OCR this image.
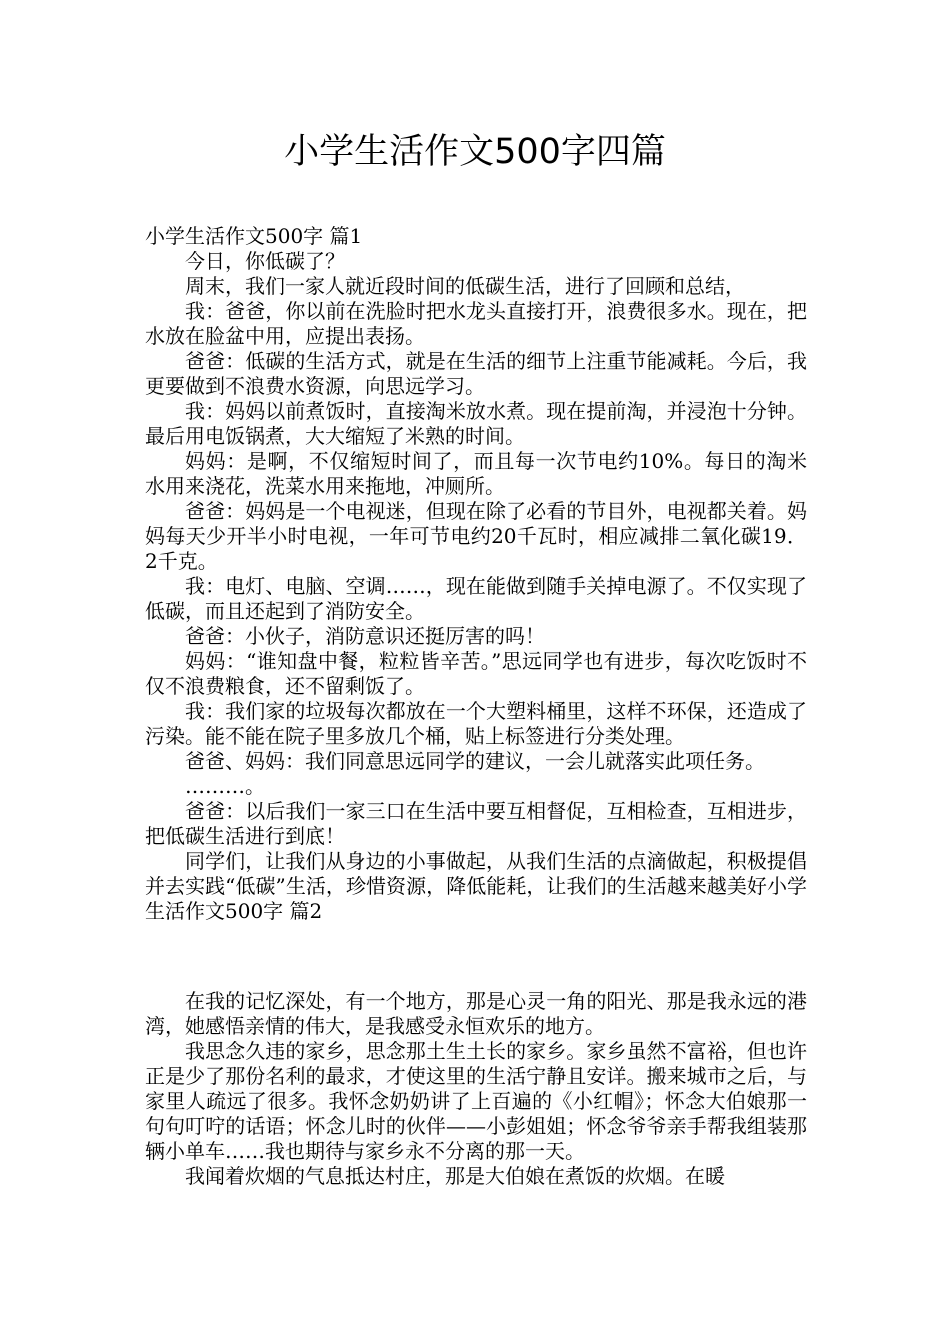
小学生活作文500字四篇

小学生活作文500字 篇1

今日，你低碳了？

周末，我们一家人就近段时间的低碳生活，进行了回顾和总结，

我：爸爸，你以前在洗脸时把水龙头直接打开，浪费很多水。现在，把水放在脸盆中用，应提出表扬。

爸爸：低碳的生活方式，就是在生活的细节上注重节能减耗。今后，我更要做到不浪费水资源，向思远学习。

我：妈妈以前煮饭时，直接淘米放水煮。现在提前淘，并浸泡十分钟。最后用电饭锅煮，大大缩短了米熟的时间。

妈妈：是啊，不仅缩短时间了，而且每一次节电约10%。每日的淘米水用来浇花，洗菜水用来拖地，冲厕所。

爸爸：妈妈是一个电视迷，但现在除了必看的节目外，电视都关着。妈妈每天少开半小时电视，一年可节电约20千瓦时，相应减排二氧化碳19．2千克。

我：电灯、电脑、空调……，现在能做到随手关掉电源了。不仅实现了低碳，而且还起到了消防安全。

爸爸：小伙子，消防意识还挺厉害的吗！

妈妈：“谁知盘中餐，粒粒皆辛苦。”思远同学也有进步，每次吃饭时不仅不浪费粮食，还不留剩饭了。

我：我们家的垃圾每次都放在一个大塑料桶里，这样不环保，还造成了污染。能不能在院子里多放几个桶，贴上标签进行分类处理。

爸爸、妈妈：我们同意思远同学的建议，一会儿就落实此项任务。

………。

爸爸：以后我们一家三口在生活中要互相督促，互相检查，互相进步，把低碳生活进行到底！

同学们，让我们从身边的小事做起，从我们生活的点滴做起，积极提倡并去实践“低碳”生活，珍惜资源，降低能耗，让我们的生活越来越美好小学生活作文500字 篇2

在我的记忆深处，有一个地方，那是心灵一角的阳光、那是我永远的港湾，她感悟亲情的伟大，是我感受永恒欢乐的地方。

我思念久违的家乡，思念那土生土长的家乡。家乡虽然不富裕，但也许正是少了那份名利的最求，才使这里的生活宁静且安详。搬来城市之后，与家里人疏远了很多。我怀念奶奶讲了上百遍的《小红帽》；怀念大伯娘那一句句叮咛的话语；怀念儿时的伙伴——小彭姐姐；怀念爷爷亲手帮我组装那辆小单车……我也期待与家乡永不分离的那一天。

我闻着炊烟的气息抵达村庄，那是大伯娘在煮饭的炊烟。在暖
